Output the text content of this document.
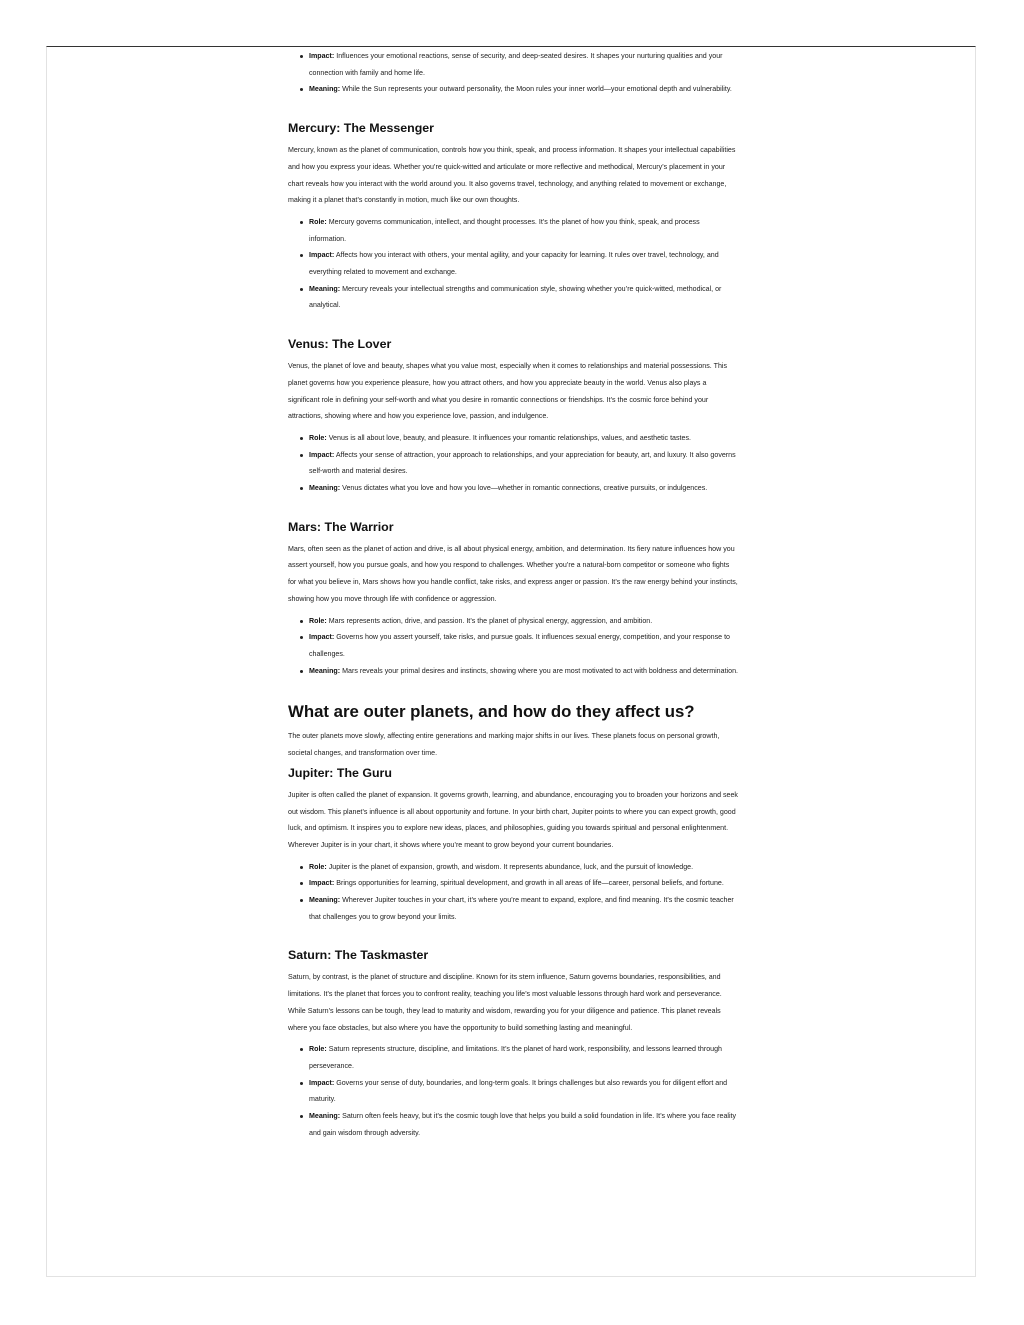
Impact: Influences your emotional reactions, sense of security, and deep-seated desires. It shapes your nurturing qualities and your connection with family and home life.
Meaning: While the Sun represents your outward personality, the Moon rules your inner world—your emotional depth and vulnerability.
Mercury: The Messenger

Mercury, known as the planet of communication, controls how you think, speak, and process information. It shapes your intellectual capabilities and how you express your ideas. Whether you’re quick-witted and articulate or more reflective and methodical, Mercury’s placement in your chart reveals how you interact with the world around you. It also governs travel, technology, and anything related to movement or exchange, making it a planet that’s constantly in motion, much like our own thoughts.

Role: Mercury governs communication, intellect, and thought processes. It’s the planet of how you think, speak, and process information.
Impact: Affects how you interact with others, your mental agility, and your capacity for learning. It rules over travel, technology, and everything related to movement and exchange.
Meaning: Mercury reveals your intellectual strengths and communication style, showing whether you’re quick-witted, methodical, or analytical.
Venus: The Lover

Venus, the planet of love and beauty, shapes what you value most, especially when it comes to relationships and material possessions. This planet governs how you experience pleasure, how you attract others, and how you appreciate beauty in the world. Venus also plays a significant role in defining your self-worth and what you desire in romantic connections or friendships. It’s the cosmic force behind your attractions, showing where and how you experience love, passion, and indulgence.

Role: Venus is all about love, beauty, and pleasure. It influences your romantic relationships, values, and aesthetic tastes.
Impact: Affects your sense of attraction, your approach to relationships, and your appreciation for beauty, art, and luxury. It also governs self-worth and material desires.
Meaning: Venus dictates what you love and how you love—whether in romantic connections, creative pursuits, or indulgences.
Mars: The Warrior

Mars, often seen as the planet of action and drive, is all about physical energy, ambition, and determination. Its fiery nature influences how you assert yourself, how you pursue goals, and how you respond to challenges. Whether you’re a natural-born competitor or someone who fights for what you believe in, Mars shows how you handle conflict, take risks, and express anger or passion. It’s the raw energy behind your instincts, showing how you move through life with confidence or aggression.

Role: Mars represents action, drive, and passion. It’s the planet of physical energy, aggression, and ambition.
Impact: Governs how you assert yourself, take risks, and pursue goals. It influences sexual energy, competition, and your response to challenges.
Meaning: Mars reveals your primal desires and instincts, showing where you are most motivated to act with boldness and determination.
What are outer planets, and how do they affect us?

The outer planets move slowly, affecting entire generations and marking major shifts in our lives. These planets focus on personal growth, societal changes, and transformation over time.

Jupiter: The Guru

Jupiter is often called the planet of expansion. It governs growth, learning, and abundance, encouraging you to broaden your horizons and seek out wisdom. This planet’s influence is all about opportunity and fortune. In your birth chart, Jupiter points to where you can expect growth, good luck, and optimism. It inspires you to explore new ideas, places, and philosophies, guiding you towards spiritual and personal enlightenment. Wherever Jupiter is in your chart, it shows where you’re meant to grow beyond your current boundaries.

Role: Jupiter is the planet of expansion, growth, and wisdom. It represents abundance, luck, and the pursuit of knowledge.
Impact: Brings opportunities for learning, spiritual development, and growth in all areas of life—career, personal beliefs, and fortune.
Meaning: Wherever Jupiter touches in your chart, it’s where you’re meant to expand, explore, and find meaning. It’s the cosmic teacher that challenges you to grow beyond your limits.
Saturn: The Taskmaster

Saturn, by contrast, is the planet of structure and discipline. Known for its stern influence, Saturn governs boundaries, responsibilities, and limitations. It’s the planet that forces you to confront reality, teaching you life’s most valuable lessons through hard work and perseverance. While Saturn’s lessons can be tough, they lead to maturity and wisdom, rewarding you for your diligence and patience. This planet reveals where you face obstacles, but also where you have the opportunity to build something lasting and meaningful.

Role: Saturn represents structure, discipline, and limitations. It’s the planet of hard work, responsibility, and lessons learned through perseverance.
Impact: Governs your sense of duty, boundaries, and long-term goals. It brings challenges but also rewards you for diligent effort and maturity.
Meaning: Saturn often feels heavy, but it’s the cosmic tough love that helps you build a solid foundation in life. It’s where you face reality and gain wisdom through adversity.
